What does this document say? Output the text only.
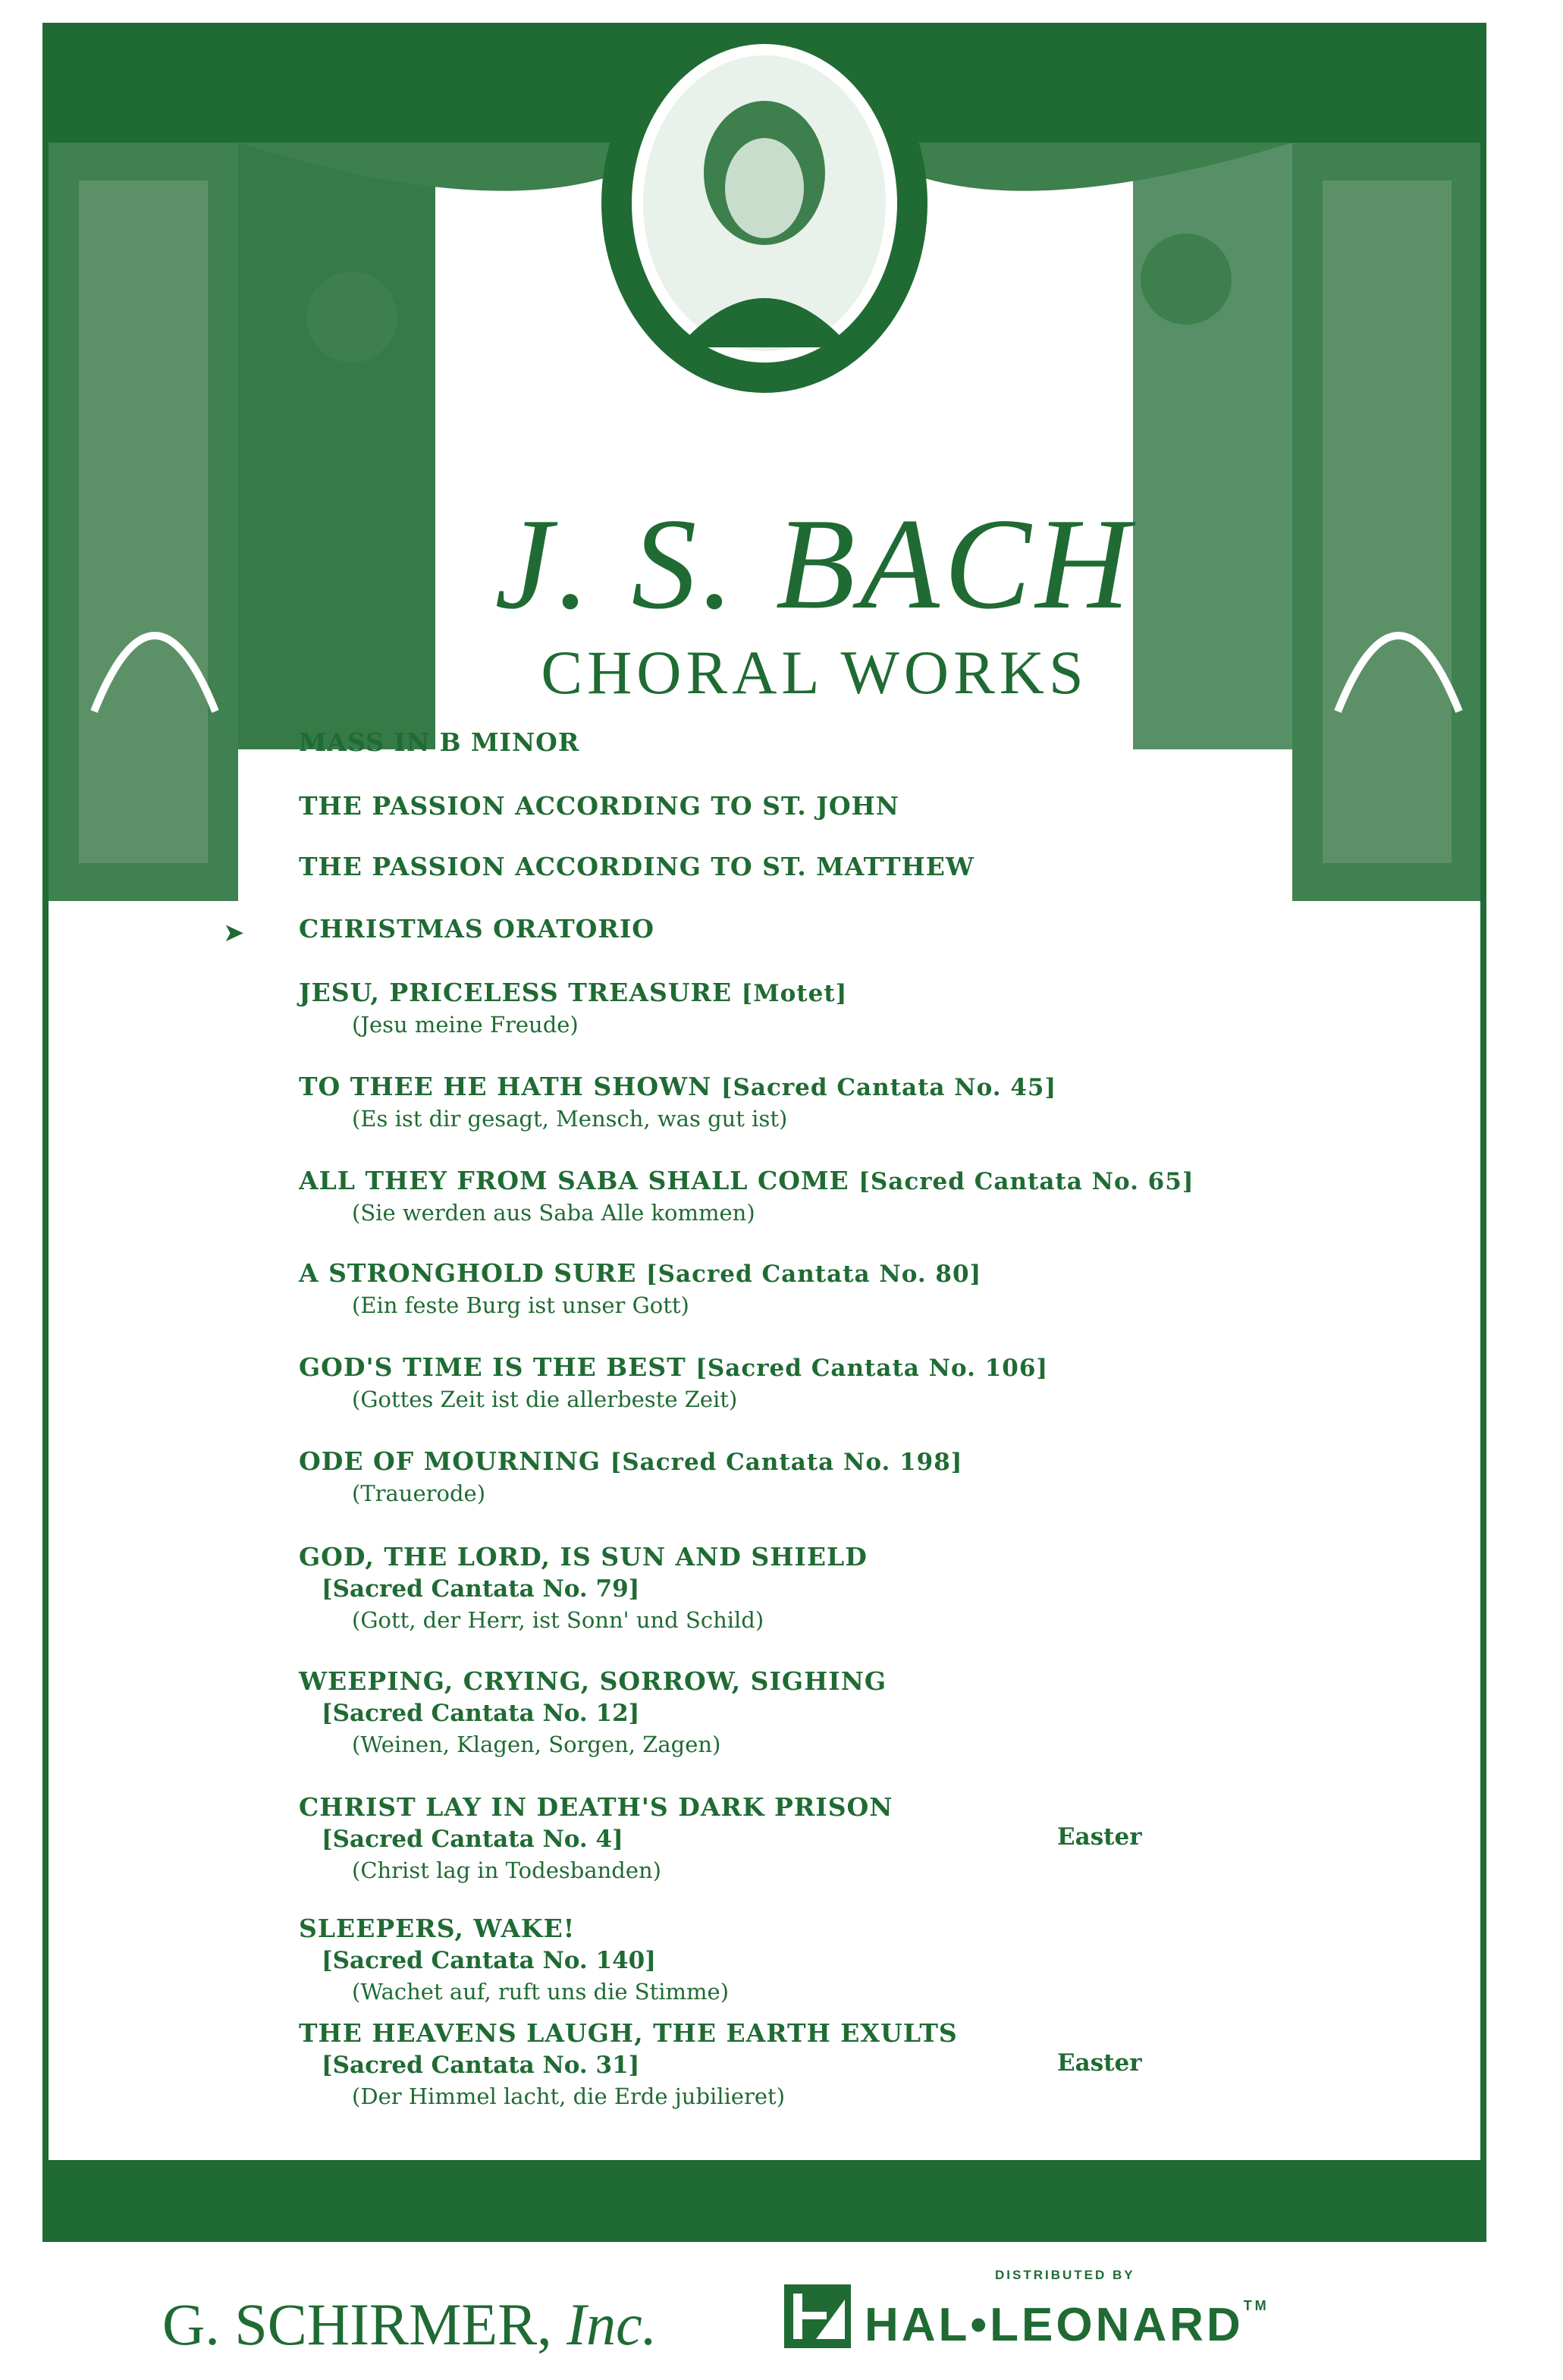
J. S. BACH

CHORAL WORKS

MASS IN B MINOR
THE PASSION ACCORDING TO ST. JOHN
THE PASSION ACCORDING TO ST. MATTHEW
➤ CHRISTMAS ORATORIO
JESU, PRICELESS TREASURE [Motet]
(Jesu meine Freude)
TO THEE HE HATH SHOWN [Sacred Cantata No. 45]
(Es ist dir gesagt, Mensch, was gut ist)
ALL THEY FROM SABA SHALL COME [Sacred Cantata No. 65]
(Sie werden aus Saba Alle kommen)
A STRONGHOLD SURE [Sacred Cantata No. 80]
(Ein feste Burg ist unser Gott)
GOD'S TIME IS THE BEST [Sacred Cantata No. 106]
(Gottes Zeit ist die allerbeste Zeit)
ODE OF MOURNING [Sacred Cantata No. 198]
(Trauerode)
GOD, THE LORD, IS SUN AND SHIELD
[Sacred Cantata No. 79]
(Gott, der Herr, ist Sonn' und Schild)
WEEPING, CRYING, SORROW, SIGHING
[Sacred Cantata No. 12]
(Weinen, Klagen, Sorgen, Zagen)
CHRIST LAY IN DEATH'S DARK PRISON
[Sacred Cantata No. 4]
(Christ lag in Todesbanden)
Easter
SLEEPERS, WAKE!
[Sacred Cantata No. 140]
(Wachet auf, ruft uns die Stimme)
THE HEAVENS LAUGH, THE EARTH EXULTS
[Sacred Cantata No. 31]
(Der Himmel lacht, die Erde jubilieret)
Easter
G. SCHIRMER, Inc.
DISTRIBUTED BY
HAL•LEONARD™
